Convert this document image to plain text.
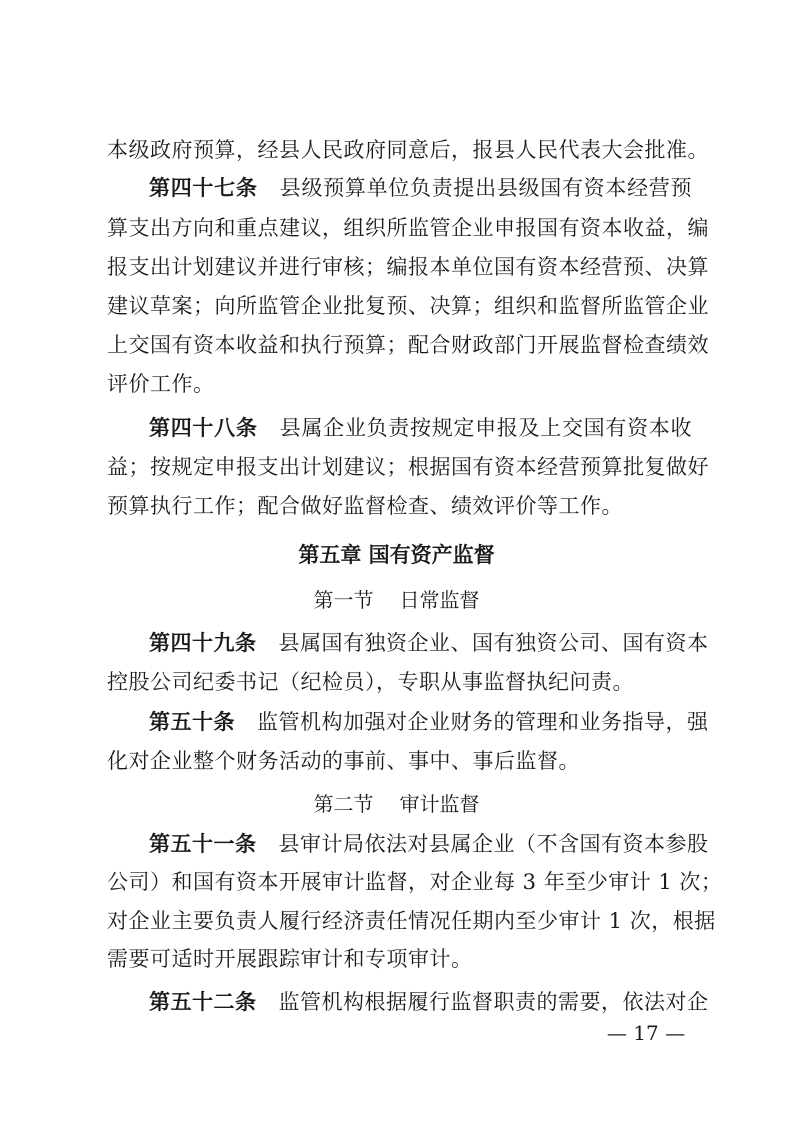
本级政府预算，经县人民政府同意后，报县人民代表大会批准。
第四十七条 县级预算单位负责提出县级国有资本经营预
算支出方向和重点建议，组织所监管企业申报国有资本收益，编
报支出计划建议并进行审核；编报本单位国有资本经营预、决算
建议草案；向所监管企业批复预、决算；组织和监督所监管企业
上交国有资本收益和执行预算；配合财政部门开展监督检查绩效
评价工作。
第四十八条 县属企业负责按规定申报及上交国有资本收
益；按规定申报支出计划建议；根据国有资本经营预算批复做好
预算执行工作；配合做好监督检查、绩效评价等工作。
第五章 国有资产监督
第一节 日常监督
第四十九条 县属国有独资企业、国有独资公司、国有资本
控股公司纪委书记（纪检员），专职从事监督执纪问责。
第五十条 监管机构加强对企业财务的管理和业务指导，强
化对企业整个财务活动的事前、事中、事后监督。
第二节 审计监督
第五十一条 县审计局依法对县属企业（不含国有资本参股
公司）和国有资本开展审计监督，对企业每 3 年至少审计 1 次；
对企业主要负责人履行经济责任情况任期内至少审计 1 次，根据
需要可适时开展跟踪审计和专项审计。
第五十二条 监管机构根据履行监督职责的需要，依法对企
— 17 —
